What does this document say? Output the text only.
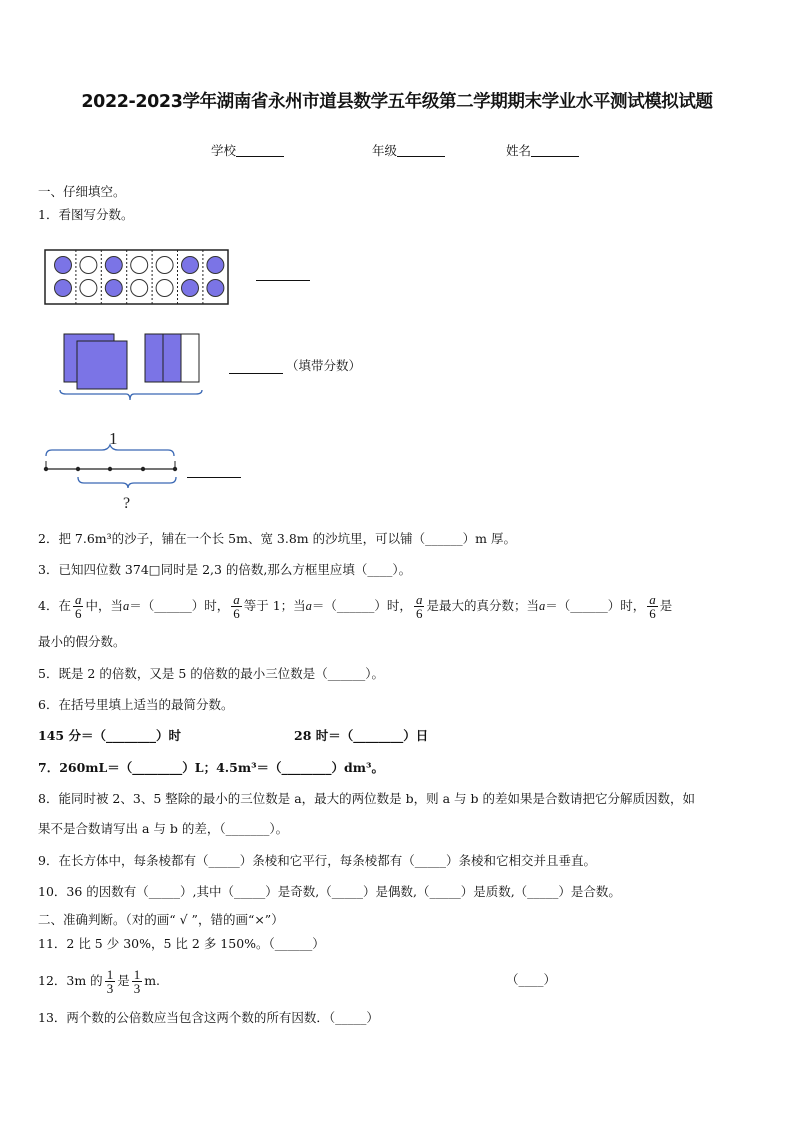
2022-2023学年湖南省永州市道县数学五年级第二学期期末学业水平测试模拟试题
学校	年级	姓名
一、仔细填空。
1．看图写分数。
（填带分数）
1
?
2．把 7.6m³的沙子，铺在一个长 5m、宽 3.8m 的沙坑里，可以铺（______）m 厚。
3．已知四位数 374□同时是 2,3 的倍数,那么方框里应填（____）。
4．在 $\frac{a}{6}$ 中，当a＝（______）时， $\frac{a}{6}$ 等于 1；当a＝（______）时， $\frac{a}{6}$ 是最大的真分数；当a＝（______）时， $\frac{a}{6}$ 是
最小的假分数。
5．既是 2 的倍数，又是 5 的倍数的最小三位数是（______）。
6．在括号里填上适当的最简分数。
145 分＝（________）时	28 时＝（________）日
7．260mL＝（________）L；4.5m³＝（________）dm³。
8．能同时被 2、3、5 整除的最小的三位数是 a，最大的两位数是 b，则 a 与 b 的差如果是合数请把它分解质因数，如
果不是合数请写出 a 与 b 的差，（_______）。
9．在长方体中，每条棱都有（_____）条棱和它平行，每条棱都有（_____）条棱和它相交并且垂直。
10．36 的因数有（_____）,其中（_____）是奇数,（_____）是偶数,（_____）是质数,（_____）是合数。
二、准确判断。（对的画“ √ ”，错的画“×”）
11．2 比 5 少 30%，5 比 2 多 150%。（______）
12．3m 的 $\frac{1}{3}$ 是 $\frac{1}{3} m$.	（____）
13．两个数的公倍数应当包含这两个数的所有因数．（_____）
